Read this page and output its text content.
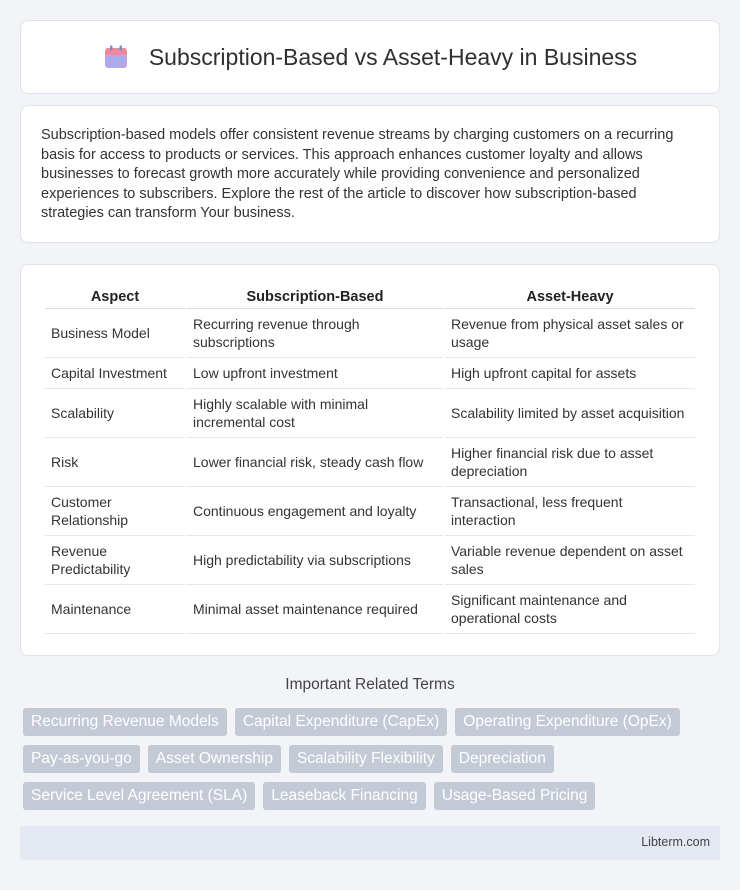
Subscription-Based vs Asset-Heavy in Business

Subscription-based models offer consistent revenue streams by charging customers on a recurring basis for access to products or services. This approach enhances customer loyalty and allows businesses to forecast growth more accurately while providing convenience and personalized experiences to subscribers. Explore the rest of the article to discover how subscription-based strategies can transform Your business.

Aspect	Subscription-Based	Asset-Heavy
Business Model	Recurring revenue through subscriptions	Revenue from physical asset sales or usage
Capital Investment	Low upfront investment	High upfront capital for assets
Scalability	Highly scalable with minimal incremental cost	Scalability limited by asset acquisition
Risk	Lower financial risk, steady cash flow	Higher financial risk due to asset depreciation
Customer Relationship	Continuous engagement and loyalty	Transactional, less frequent interaction
Revenue Predictability	High predictability via subscriptions	Variable revenue dependent on asset sales
Maintenance	Minimal asset maintenance required	Significant maintenance and operational costs
Important Related Terms
Recurring Revenue Models	Capital Expenditure (CapEx)	Operating Expenditure (OpEx)
Pay-as-you-go	Asset Ownership	Scalability Flexibility	Depreciation
Service Level Agreement (SLA)	Leaseback Financing	Usage-Based Pricing
Libterm.com
